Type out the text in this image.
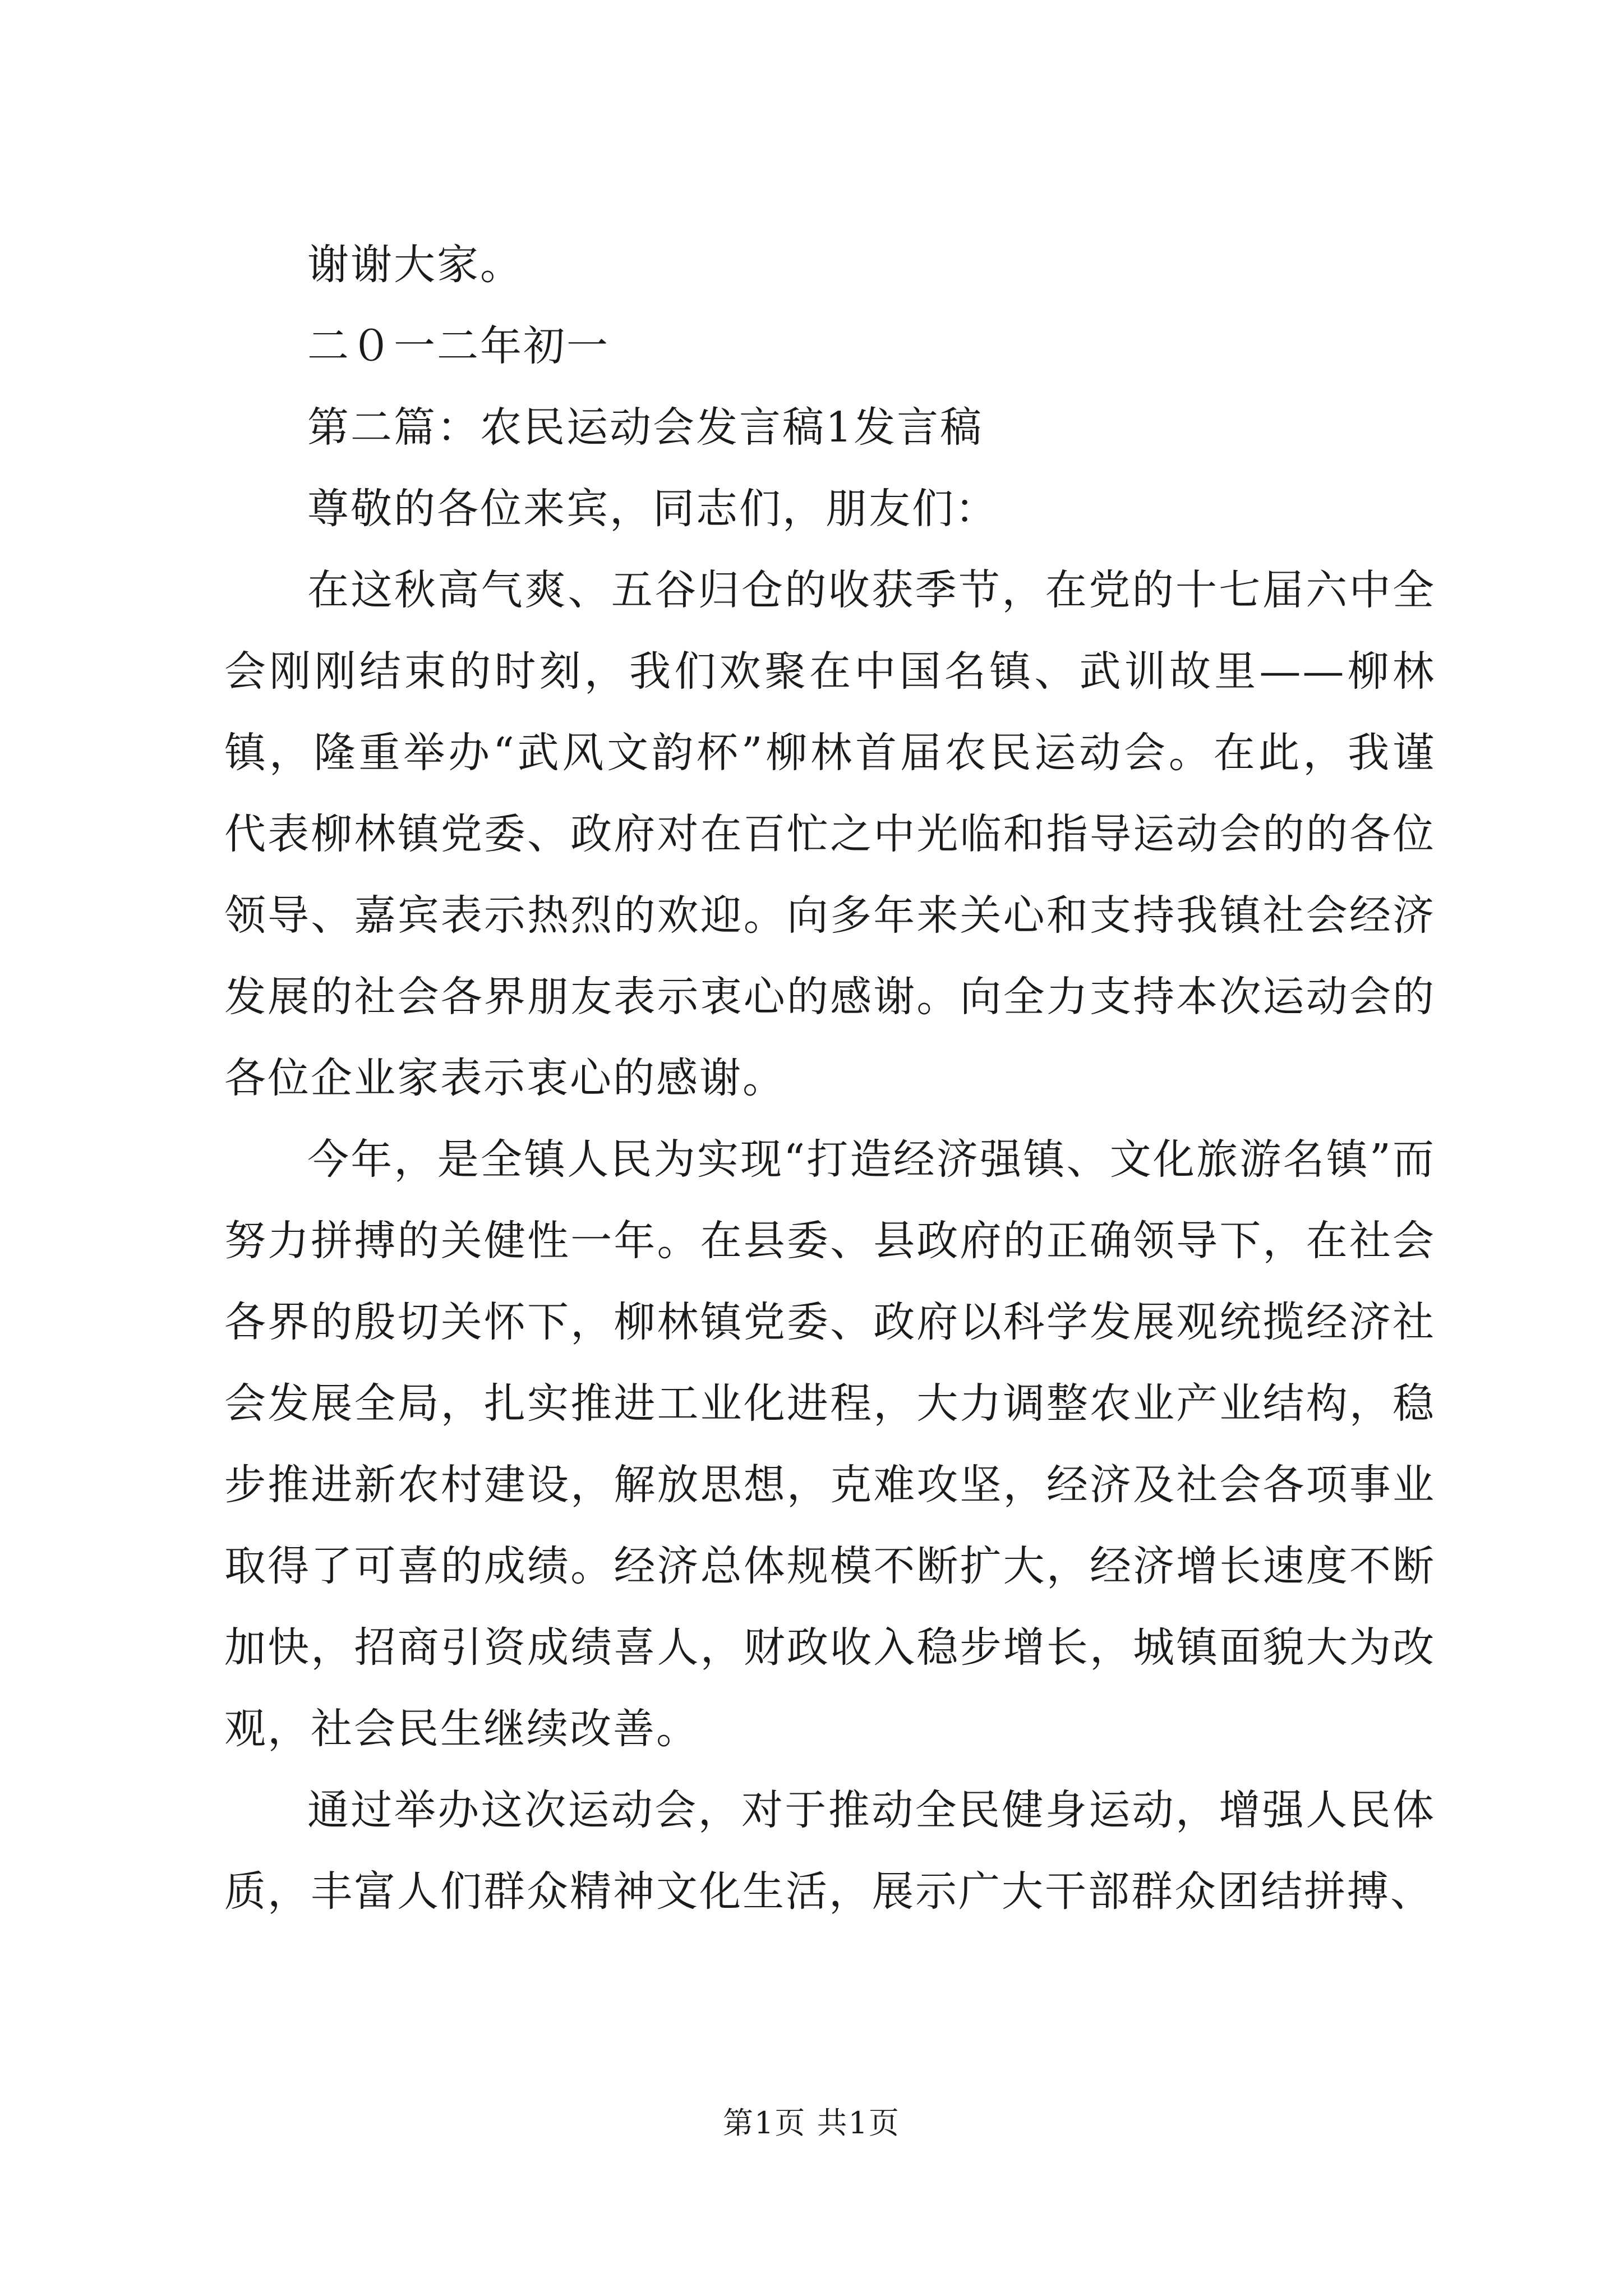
谢谢大家。

二０一二年初一

第二篇：农民运动会发言稿1发言稿

尊敬的各位来宾，同志们，朋友们：

在这秋高气爽、五谷归仓的收获季节，在党的十七届六中全会刚刚结束的时刻，我们欢聚在中国名镇、武训故里——柳林镇，隆重举办“武风文韵杯”柳林首届农民运动会。在此，我谨代表柳林镇党委、政府对在百忙之中光临和指导运动会的的各位领导、嘉宾表示热烈的欢迎。向多年来关心和支持我镇社会经济发展的社会各界朋友表示衷心的感谢。向全力支持本次运动会的各位企业家表示衷心的感谢。

今年，是全镇人民为实现“打造经济强镇、文化旅游名镇”而努力拼搏的关健性一年。在县委、县政府的正确领导下，在社会各界的殷切关怀下，柳林镇党委、政府以科学发展观统揽经济社会发展全局，扎实推进工业化进程，大力调整农业产业结构，稳步推进新农村建设，解放思想，克难攻坚，经济及社会各项事业取得了可喜的成绩。经济总体规模不断扩大，经济增长速度不断加快，招商引资成绩喜人，财政收入稳步增长，城镇面貌大为改观，社会民生继续改善。

通过举办这次运动会，对于推动全民健身运动，增强人民体质，丰富人们群众精神文化生活，展示广大干部群众团结拼搏、

第1页 共1页
